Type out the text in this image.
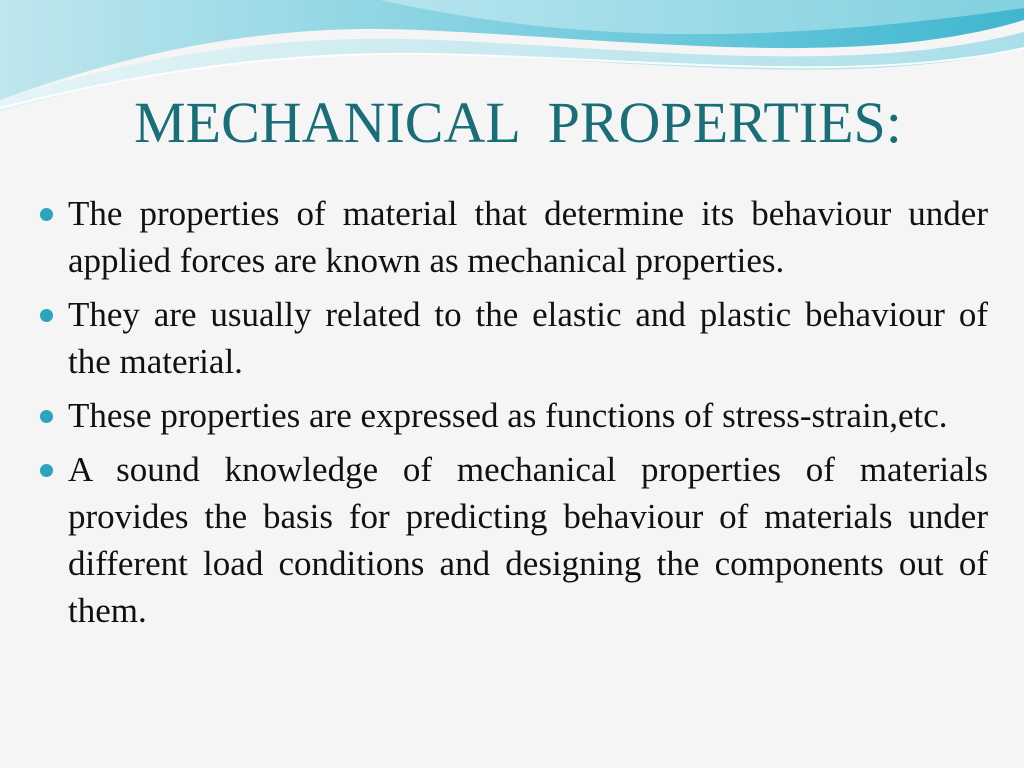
MECHANICAL  PROPERTIES:
The properties of material that determine its behaviour under applied forces are known as mechanical properties.
They are usually related to the elastic and plastic behaviour of the material.
These properties are expressed as functions of stress-strain,etc.
A sound knowledge of mechanical properties of materials provides the basis for predicting behaviour of materials under different load conditions and designing the components out of them.
